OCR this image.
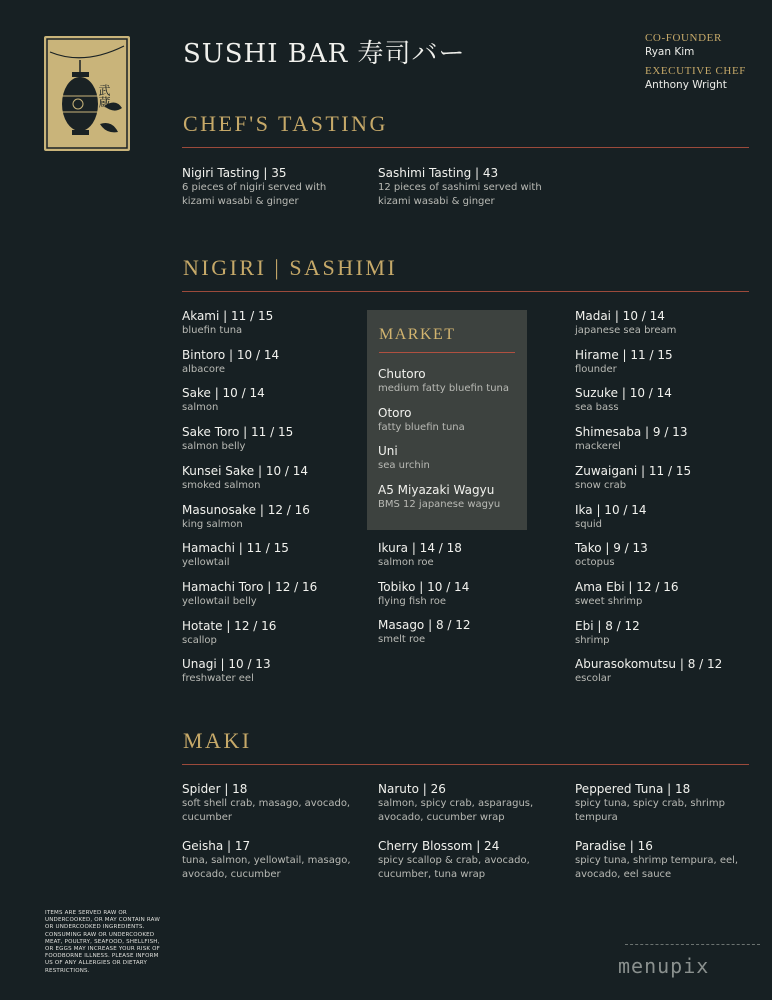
武蔵
SUSHI BAR 寿司バー
CO-FOUNDER
Ryan Kim
EXECUTIVE CHEF
Anthony Wright
CHEF'S TASTING
Nigiri Tasting | 35
6 pieces of nigiri served with kizami wasabi & ginger
Sashimi Tasting | 43
12 pieces of sashimi served with kizami wasabi & ginger
NIGIRI | SASHIMI
Akami | 11 / 15
bluefin tuna
Bintoro | 10 / 14
albacore
Sake | 10 / 14
salmon
Sake Toro | 11 / 15
salmon belly
Kunsei Sake | 10 / 14
smoked salmon
Masunosake | 12 / 16
king salmon
Hamachi | 11 / 15
yellowtail
Hamachi Toro | 12 / 16
yellowtail belly
Hotate | 12 / 16
scallop
Unagi | 10 / 13
freshwater eel
Madai | 10 / 14
japanese sea bream
Hirame | 11 / 15
flounder
Suzuke | 10 / 14
sea bass
Shimesaba | 9 / 13
mackerel
Zuwaigani | 11 / 15
snow crab
Ika | 10 / 14
squid
Tako | 9 / 13
octopus
Ama Ebi | 12 / 16
sweet shrimp
Ebi | 8 / 12
shrimp
Aburasokomutsu | 8 / 12
escolar
MARKET
Chutoro
medium fatty bluefin tuna
Otoro
fatty bluefin tuna
Uni
sea urchin
A5 Miyazaki Wagyu
BMS 12 japanese wagyu
Ikura | 14 / 18
salmon roe
Tobiko | 10 / 14
flying fish roe
Masago | 8 / 12
smelt roe
MAKI
Spider | 18
soft shell crab, masago, avocado, cucumber
Naruto | 26
salmon, spicy crab, asparagus, avocado, cucumber wrap
Peppered Tuna | 18
spicy tuna, spicy crab, shrimp tempura
Geisha | 17
tuna, salmon, yellowtail, masago, avocado, cucumber
Cherry Blossom | 24
spicy scallop & crab, avocado, cucumber, tuna wrap
Paradise | 16
spicy tuna, shrimp tempura, eel, avocado, eel sauce
ITEMS ARE SERVED RAW OR UNDERCOOKED, OR MAY CONTAIN RAW OR UNDERCOOKED INGREDIENTS. CONSUMING RAW OR UNDERCOOKED MEAT, POULTRY, SEAFOOD, SHELLFISH, OR EGGS MAY INCREASE YOUR RISK OF FOODBORNE ILLNESS. PLEASE INFORM US OF ANY ALLERGIES OR DIETARY RESTRICTIONS.	menupix
